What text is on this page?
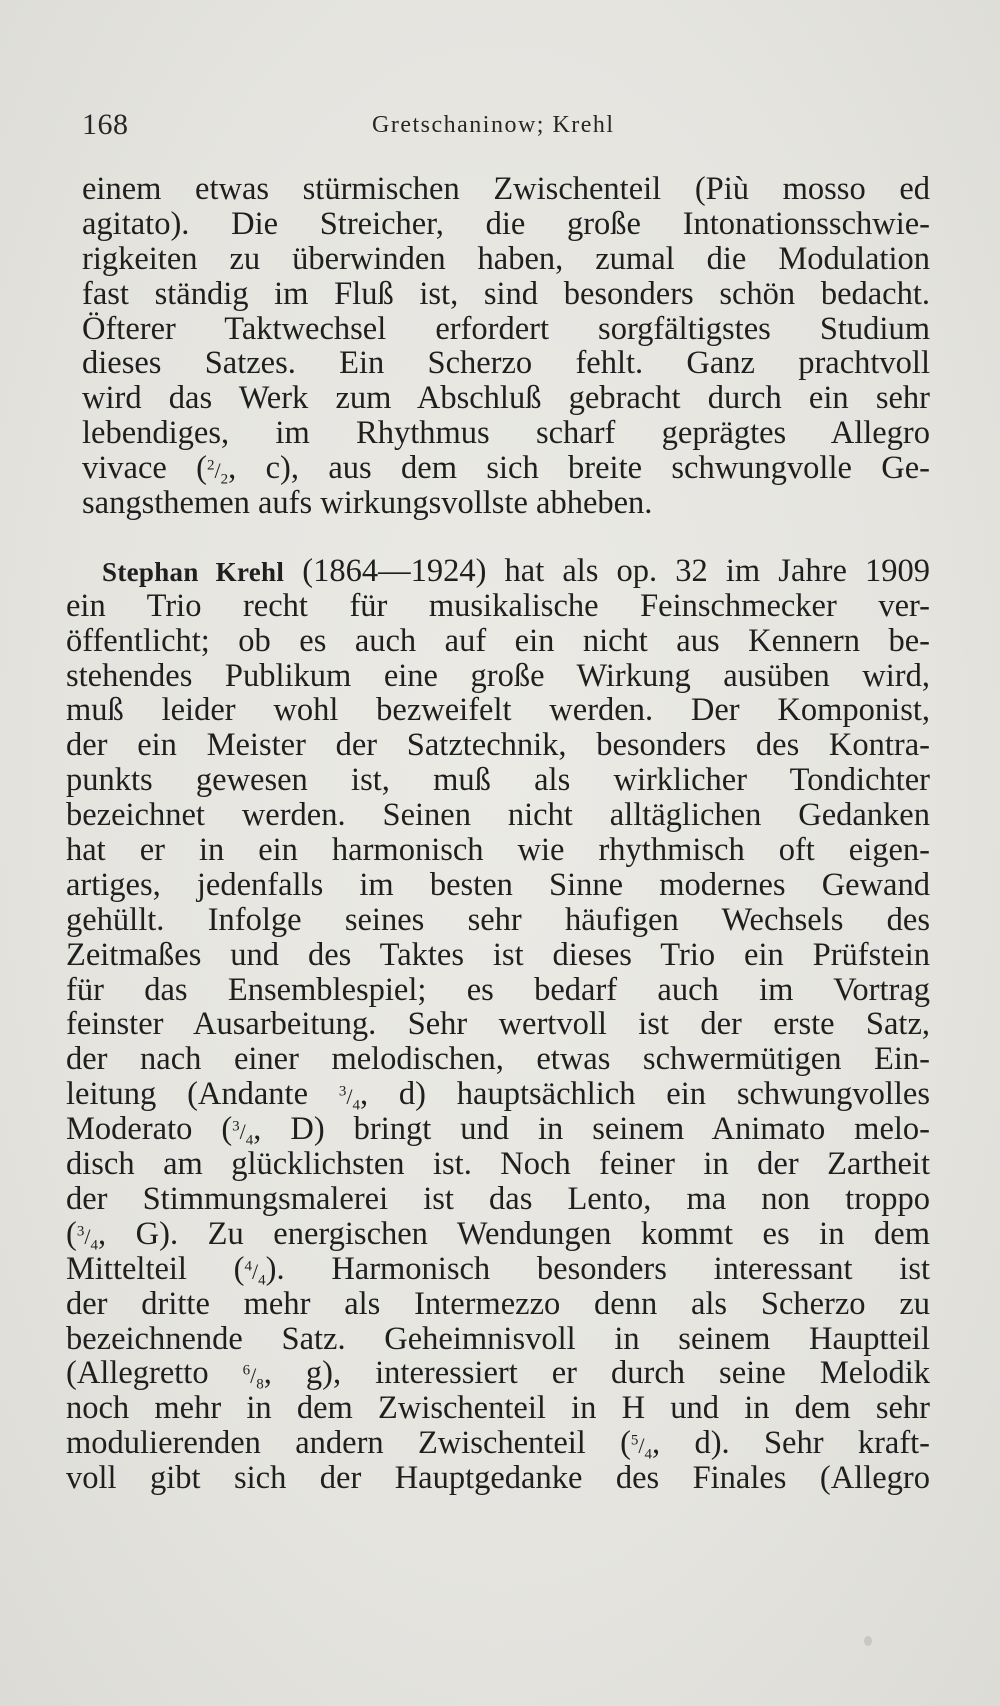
168	Gretschaninow; Krehl
einem etwas stürmischen Zwischenteil (Più mosso ed
agitato). Die Streicher, die große Intonationsschwie-
rigkeiten zu überwinden haben, zumal die Modulation
fast ständig im Fluß ist, sind besonders schön bedacht.
Öfterer Taktwechsel erfordert sorgfältigstes Studium
dieses Satzes. Ein Scherzo fehlt. Ganz prachtvoll
wird das Werk zum Abschluß gebracht durch ein sehr
lebendiges, im Rhythmus scharf geprägtes Allegro
vivace ($^2/_2$, c), aus dem sich breite schwungvolle Ge-
sangsthemen aufs wirkungsvollste abheben.
Stephan Krehl (1864—1924) hat als op. 32 im Jahre 1909
ein Trio recht für musikalische Feinschmecker ver-
öffentlicht; ob es auch auf ein nicht aus Kennern be-
stehendes Publikum eine große Wirkung ausüben wird,
muß leider wohl bezweifelt werden. Der Komponist,
der ein Meister der Satztechnik, besonders des Kontra-
punkts gewesen ist, muß als wirklicher Tondichter
bezeichnet werden. Seinen nicht alltäglichen Gedanken
hat er in ein harmonisch wie rhythmisch oft eigen-
artiges, jedenfalls im besten Sinne modernes Gewand
gehüllt. Infolge seines sehr häufigen Wechsels des
Zeitmaßes und des Taktes ist dieses Trio ein Prüfstein
für das Ensemblespiel; es bedarf auch im Vortrag
feinster Ausarbeitung. Sehr wertvoll ist der erste Satz,
der nach einer melodischen, etwas schwermütigen Ein-
leitung (Andante $^3/_4$, d) hauptsächlich ein schwungvolles
Moderato ($^3/_4$, D) bringt und in seinem Animato melo-
disch am glücklichsten ist. Noch feiner in der Zartheit
der Stimmungsmalerei ist das Lento, ma non troppo
($^3/_4$, G). Zu energischen Wendungen kommt es in dem
Mittelteil $(^4/_4)$. Harmonisch besonders interessant ist
der dritte mehr als Intermezzo denn als Scherzo zu
bezeichnende Satz. Geheimnisvoll in seinem Hauptteil
(Allegretto $^6/_8$, g), interessiert er durch seine Melodik
noch mehr in dem Zwischenteil in H und in dem sehr
modulierenden andern Zwischenteil ($^5/_4$, d). Sehr kraft-
voll gibt sich der Hauptgedanke des Finales (Allegro
